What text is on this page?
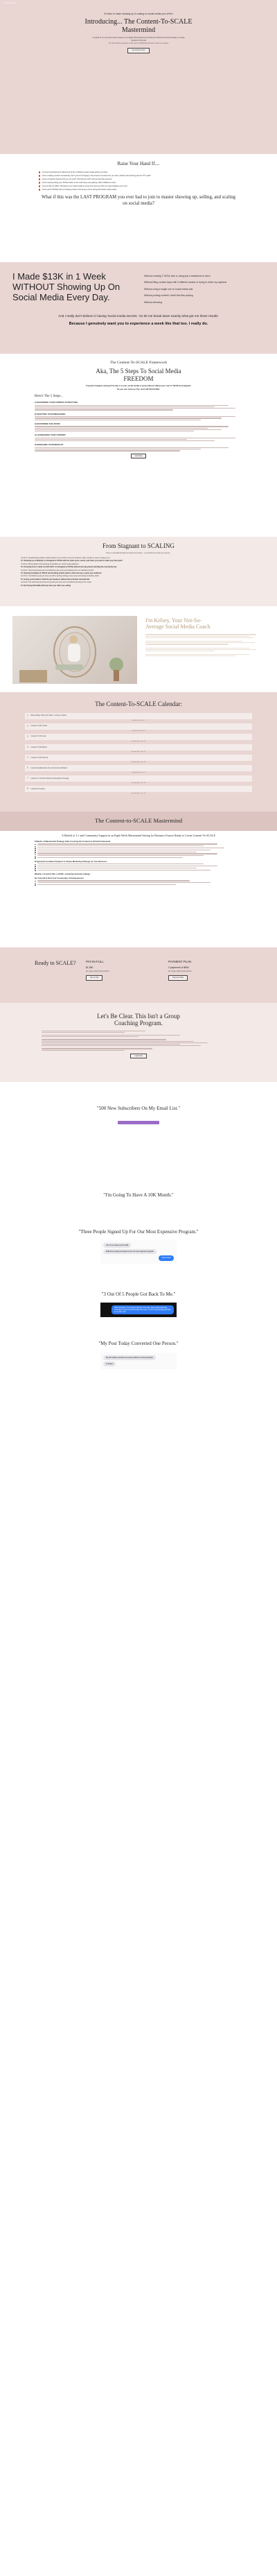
Sarah Johnson
It's time to make showing up & scaling on social media your b*tch!
Introducing... The Content-To-SCALE
Mastermind
A Hybrid of 1:1 and Community Support in an Eight Week Mastermind Setting for Business Owners Ready to Create Content-To-SCALE
The most radical experience on the scene of Millionaires (R) and content for a quarter
Get Access Now
Raise Your Hand If....
You feel overwhelmed & half-ass all of the conflicting social media advice out there
You're creating content consistently, but it just isn't bringing in the amount of customers you want. (Hello!) Like learning just the 'f**k yeah!'
You're constantly hearing 'Did you go viral?' 'Did that go viral?' and you feel the pressure
You're overspending your TikTok hustle on the viral hopes and getting a little indifferent result
You are still not 100%. Showing up on social media at some time and you wish you were fearless at no cost
You're just F*CKING tired of creating content and trying to force and grind social media results
What if this was the LAST PROGRAM you ever had to join to master showing up, selling, and scaling on social media?
I Made $13K in 1 Week WITHOUT Showing Up On Social Media Every Day.
Without creating 3 TikTok vids or using just a transitions to them
Without filling content days with 5 different audios or trying to relive my captions
Without using a single one vs social media ads
Without posting content I didn't feel like posting
Without stressing.
And I really don't believe in having 'social media secrets.' So let me break down exactly what got me these results.
Because I genuinely want you to experience a week like that too. I really do.
The Content-To-SCALE Framework
Aka, The 5 Steps To Social Media
FREEDOM
Freedom! Imagine staring from day 1 in your social media to grow without sitting your soul to TikTok & Instagram!
So you can show up free. And still SCALE BIG.
Here's The 5 Steps...
1) MASTERING YOUR CONTENT ATTRACTION
2) CRAFTING YOUR MESSAGING
3) MASTERING THE OFFER
4) LEVERAGING YOUR CONTENT
5) MANAGING YOUR RESULTS
Join Now
From Stagnant to SCALING
Here's a real walk through the 5 steps from above... you will have the work you need to...
Go From: Quarantining whether social media is even 'worth it' for your business, after months or years of trying it out
To: Showing up confidently on Instagram & TikTok with the exact posts, words, and vibes you need to make your best pitch
Go From: Being afraid of the growing competition on social media platforms
To: Knowing how to stand out with SALT on Instagram & TikTok without worrying about standing the everybody else
Go From: Second-guessing and overthinking every post and wasting hours on batching content
To: Opening Instagram & TikTok and knowing exactly what to write and say to grow your audience
Go From: Considering trying to keep up with a posting strategy every day and hoping something sticks
To: Going social media to SCALE your business without fancy funnels and paid ads
Go From: Not achieving the business growth you want and considering throwing in the towel
To: Be Prising SCALING with how fast your offers are selling
I'm Kelsey, Your Not-So-
Average Social Media Coach
The Content-To-SCALE Calendar:
1	Onboarding: What You Want + About Content
Starting Mon, Nov 1
2	Content To Be Found
Starting Mon, Nov 8
3	Content To Be Seen
Starting Mon, Nov 15
4	Content To Be Heard
Starting Mon, Nov 22
5	Content To Be Known
Starting Mon, Nov 29
6	Content Optimization & Conversation Methods
Starting Mon, Dec 6
7	Content To SCALE Pillars & Automated Strategy
Starting Mon, Dec 13
8	Content Execution
Starting Mon, Dec 20
The Content-to-SCALE Mastermind
A Hybrid of 1:1 and Community Support in an Eight-Week Mastermind Setting for Business Owners Ready to Create Content-To-SCALE
8 Weeks of Mastermind Strategy Calls Covering the Content-to-SCALE Framework
Ongoing Personalized Support & Unique Marketing Strategy for Your Business
Whether a 5-month offer, a 10,000+ content/promotional strategy...
Be Yourself & Find Your Community of Entrepreneurs
Ready to SCALE?	PAY-IN-FULL
$1,850
No Unique Value Perfect Month
Pay In Full
PAYMENT PLAN
3 payments of $660
No Unique Value Perfect Month
Payment Plan
Let's Be Clear. This Isn't a Group
Coaching Program.
I want this
"500 New Subscribers On My Email List."
"I'm Going To Have A 10K Month."
"Three People Signed Up For Our Most Expensive Program."
One of our videos just hit 140k AND three people just signed up for our most expensive program
Great news!!
"3 Out Of 5 People Got Back To Me."
Had 5 inquiries, I've proposed with the other day, signed today Saturday, Thursday. To them I had 25 people this week. 3 out of 5 just actually got back to me like! Yes!!
"My Post Today Converted One Person."
My post today converted one person without me doing anything!
It worked
